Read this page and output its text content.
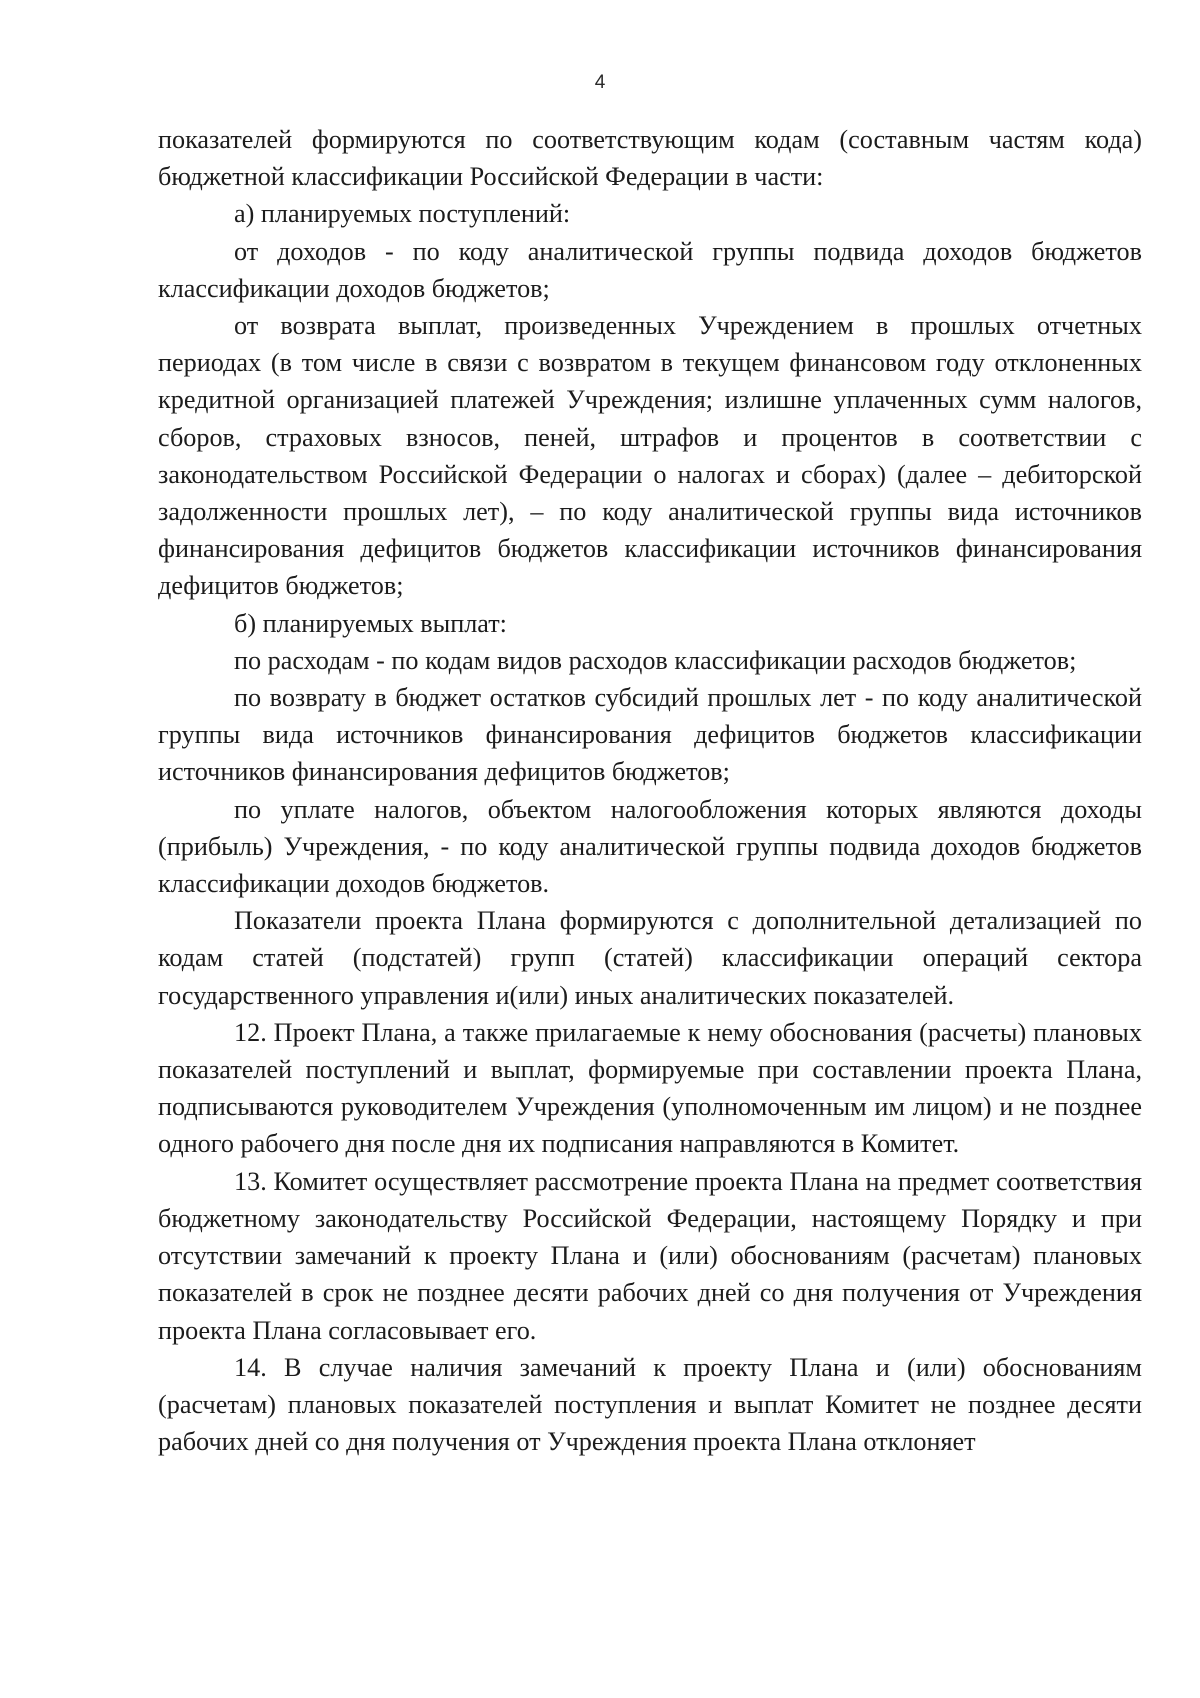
4

показателей формируются по соответствующим кодам (составным частям кода) бюджетной классификации Российской Федерации в части:

а) планируемых поступлений:

от доходов - по коду аналитической группы подвида доходов бюджетов классификации доходов бюджетов;

от возврата выплат, произведенных Учреждением в прошлых отчетных периодах (в том числе в связи с возвратом в текущем финансовом году отклоненных кредитной организацией платежей Учреждения; излишне уплаченных сумм налогов, сборов, страховых взносов, пеней, штрафов и процентов в соответствии с законодательством Российской Федерации о налогах и сборах) (далее – дебиторской задолженности прошлых лет), – по коду аналитической группы вида источников финансирования дефицитов бюджетов классификации источников финансирования дефицитов бюджетов;

б) планируемых выплат:

по расходам - по кодам видов расходов классификации расходов бюджетов;

по возврату в бюджет остатков субсидий прошлых лет - по коду аналитической группы вида источников финансирования дефицитов бюджетов классификации источников финансирования дефицитов бюджетов;

по уплате налогов, объектом налогообложения которых являются доходы (прибыль) Учреждения, - по коду аналитической группы подвида доходов бюджетов классификации доходов бюджетов.

Показатели проекта Плана формируются с дополнительной детализацией по кодам статей (подстатей) групп (статей) классификации операций сектора государственного управления и(или) иных аналитических показателей.

12. Проект Плана, а также прилагаемые к нему обоснования (расчеты) плановых показателей поступлений и выплат, формируемые при составлении проекта Плана, подписываются руководителем Учреждения (уполномоченным им лицом) и не позднее одного рабочего дня после дня их подписания направляются в Комитет.

13. Комитет осуществляет рассмотрение проекта Плана на предмет соответствия бюджетному законодательству Российской Федерации, настоящему Порядку и при отсутствии замечаний к проекту Плана и (или) обоснованиям (расчетам) плановых показателей в срок не позднее десяти рабочих дней со дня получения от Учреждения проекта Плана согласовывает его.

14. В случае наличия замечаний к проекту Плана и (или) обоснованиям (расчетам) плановых показателей поступления и выплат Комитет не позднее десяти рабочих дней со дня получения от Учреждения проекта Плана отклоняет
